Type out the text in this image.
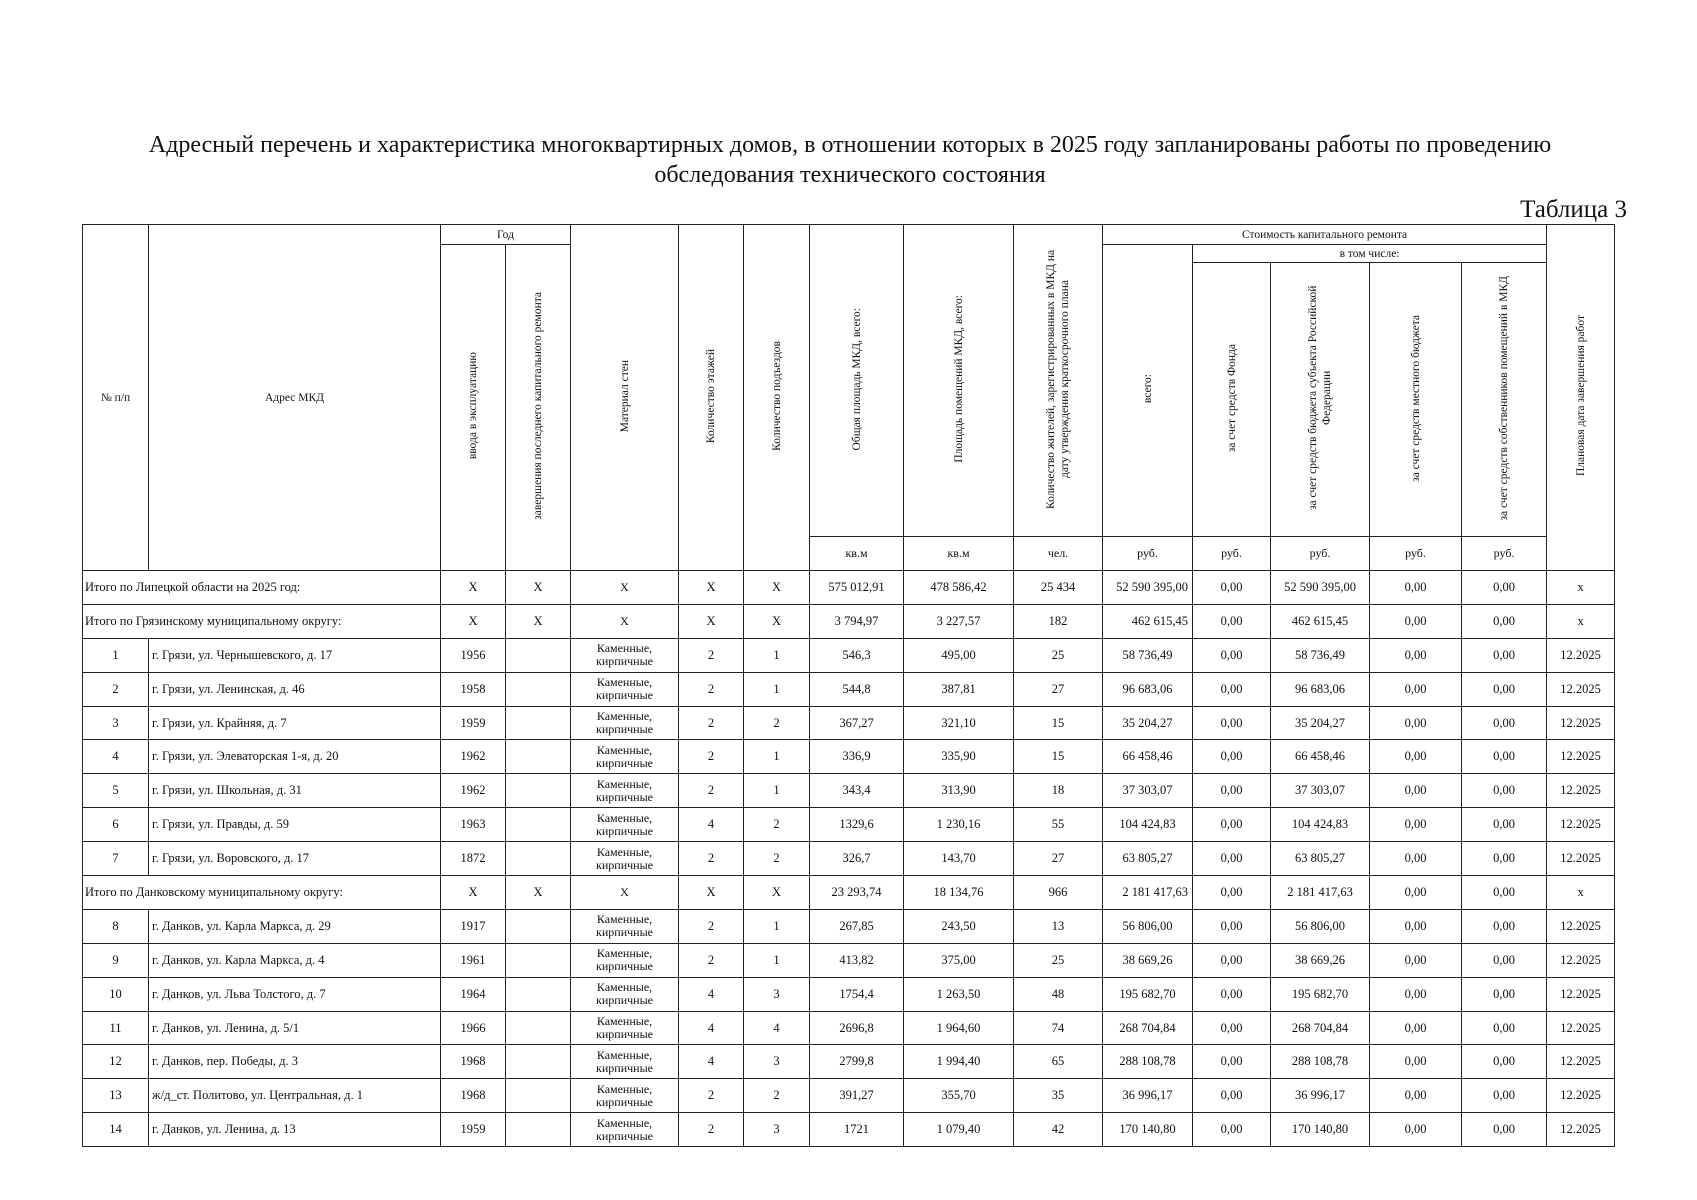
Адресный перечень и характеристика многоквартирных домов, в отношении которых в 2025 году запланированы работы по проведению обследования технического состояния
Таблица 3
№ п/п	Адрес МКД	Год		Материал стен	Количество этажей	Количество подъездов	Общая площадь МКД, всего:	Площадь помещений МКД, всего:	Количество жителей, зарегистрированных в МКД на дату утверждения краткосрочного плана	Стоимость капитального ремонта					Плановая дата завершения работ
		ввода в эксплуатацию	завершения последнего капитального ремонта							всего:	в том числе:				
											за счет средств Фонда	за счет средств бюджета субъекта Российской Федерации	за счет средств местного бюджета	за счет средств собственников помещений в МКД	
							кв.м	кв.м	чел.	руб.	руб.	руб.	руб.	руб.	
Итого по Липецкой области на 2025 год:		X	X	X	X	X	575 012,91	478 586,42	25 434	52 590 395,00	0,00	52 590 395,00	0,00	0,00	х
Итого по Грязинскому муниципальному округу:		X	X	X	X	X	3 794,97	3 227,57	182	462 615,45	0,00	462 615,45	0,00	0,00	х
1	г. Грязи, ул. Чернышевского, д. 17	1956		Каменные, кирпичные	2	1	546,3	495,00	25	58 736,49	0,00	58 736,49	0,00	0,00	12.2025
2	г. Грязи, ул. Ленинская, д. 46	1958		Каменные, кирпичные	2	1	544,8	387,81	27	96 683,06	0,00	96 683,06	0,00	0,00	12.2025
3	г. Грязи, ул. Крайняя, д. 7	1959		Каменные, кирпичные	2	2	367,27	321,10	15	35 204,27	0,00	35 204,27	0,00	0,00	12.2025
4	г. Грязи, ул. Элеваторская 1-я, д. 20	1962		Каменные, кирпичные	2	1	336,9	335,90	15	66 458,46	0,00	66 458,46	0,00	0,00	12.2025
5	г. Грязи, ул. Школьная, д. 31	1962		Каменные, кирпичные	2	1	343,4	313,90	18	37 303,07	0,00	37 303,07	0,00	0,00	12.2025
6	г. Грязи, ул. Правды, д. 59	1963		Каменные, кирпичные	4	2	1329,6	1 230,16	55	104 424,83	0,00	104 424,83	0,00	0,00	12.2025
7	г. Грязи, ул. Воровского, д. 17	1872		Каменные, кирпичные	2	2	326,7	143,70	27	63 805,27	0,00	63 805,27	0,00	0,00	12.2025
Итого по Данковскому муниципальному округу:		X	X	X	X	X	23 293,74	18 134,76	966	2 181 417,63	0,00	2 181 417,63	0,00	0,00	х
8	г. Данков, ул. Карла Маркса, д. 29	1917		Каменные, кирпичные	2	1	267,85	243,50	13	56 806,00	0,00	56 806,00	0,00	0,00	12.2025
9	г. Данков, ул. Карла Маркса, д. 4	1961		Каменные, кирпичные	2	1	413,82	375,00	25	38 669,26	0,00	38 669,26	0,00	0,00	12.2025
10	г. Данков, ул. Льва Толстого, д. 7	1964		Каменные, кирпичные	4	3	1754,4	1 263,50	48	195 682,70	0,00	195 682,70	0,00	0,00	12.2025
11	г. Данков, ул. Ленина, д. 5/1	1966		Каменные, кирпичные	4	4	2696,8	1 964,60	74	268 704,84	0,00	268 704,84	0,00	0,00	12.2025
12	г. Данков, пер. Победы, д. 3	1968		Каменные, кирпичные	4	3	2799,8	1 994,40	65	288 108,78	0,00	288 108,78	0,00	0,00	12.2025
13	ж/д_ст. Политово, ул. Центральная, д. 1	1968		Каменные, кирпичные	2	2	391,27	355,70	35	36 996,17	0,00	36 996,17	0,00	0,00	12.2025
14	г. Данков, ул. Ленина, д. 13	1959		Каменные, кирпичные	2	3	1721	1 079,40	42	170 140,80	0,00	170 140,80	0,00	0,00	12.2025
